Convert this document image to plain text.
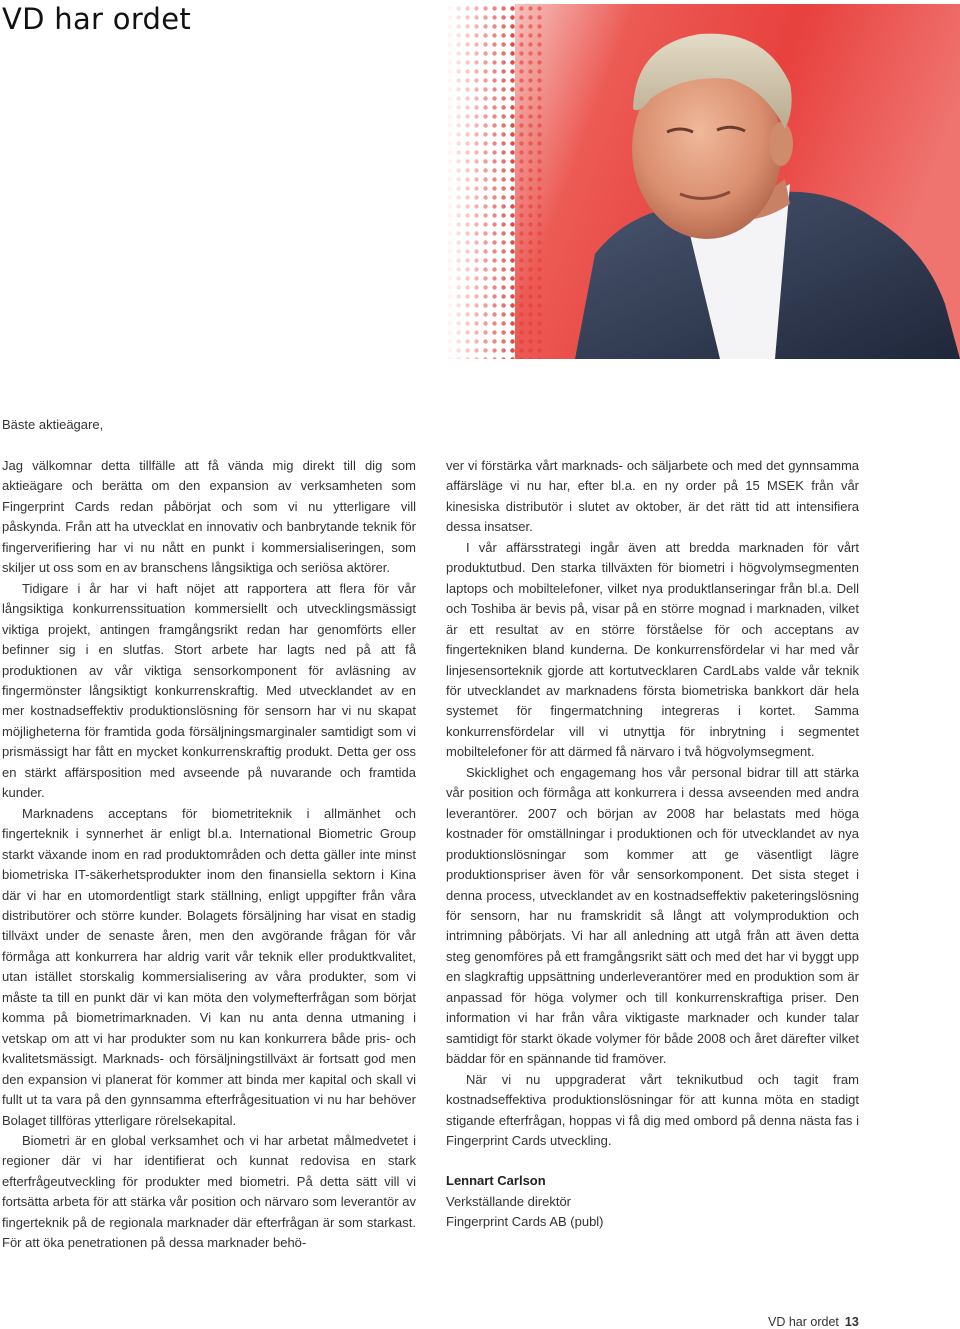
VD har ordet

Bäste aktieägare,

Jag välkomnar detta tillfälle att få vända mig direkt till dig som aktieägare och berätta om den expansion av verksamheten som Fingerprint Cards redan påbörjat och som vi nu ytterligare vill påskynda. Från att ha utvecklat en innovativ och banbrytande teknik för fingerverifiering har vi nu nått en punkt i kommersialiseringen, som skiljer ut oss som en av branschens långsiktiga och seriösa aktörer.

Tidigare i år har vi haft nöjet att rapportera att flera för vår långsiktiga konkurrenssituation kommersiellt och utvecklingsmässigt viktiga projekt, antingen framgångsrikt redan har genomförts eller befinner sig i en slutfas. Stort arbete har lagts ned på att få produktionen av vår viktiga sensorkomponent för avläsning av fingermönster långsiktigt konkurrenskraftig. Med utvecklandet av en mer kostnadseffektiv produktionslösning för sensorn har vi nu skapat möjligheterna för framtida goda försäljningsmarginaler samtidigt som vi prismässigt har fått en mycket konkurrenskraftig produkt. Detta ger oss en stärkt affärsposition med avseende på nuvarande och framtida kunder.

Marknadens acceptans för biometriteknik i allmänhet och fingerteknik i synnerhet är enligt bl.a. International Biometric Group starkt växande inom en rad produktområden och detta gäller inte minst biometriska IT-säkerhetsprodukter inom den finansiella sektorn i Kina där vi har en utomordentligt stark ställning, enligt uppgifter från våra distributörer och större kunder. Bolagets försäljning har visat en stadig tillväxt under de senaste åren, men den avgörande frågan för vår förmåga att konkurrera har aldrig varit vår teknik eller produktkvalitet, utan istället storskalig kommersialisering av våra produkter, som vi måste ta till en punkt där vi kan möta den volymefterfrågan som börjat komma på biometrimarknaden. Vi kan nu anta denna utmaning i vetskap om att vi har produkter som nu kan konkurrera både pris- och kvalitetsmässigt. Marknads- och försäljningstillväxt är fortsatt god men den expansion vi planerat för kommer att binda mer kapital och skall vi fullt ut ta vara på den gynnsamma efterfrågesituation vi nu har behöver Bolaget tillföras ytterligare rörelsekapital.

Biometri är en global verksamhet och vi har arbetat målmedvetet i regioner där vi har identifierat och kunnat redovisa en stark efterfrågeutveckling för produkter med biometri. På detta sätt vill vi fortsätta arbeta för att stärka vår position och närvaro som leverantör av fingerteknik på de regionala marknader där efterfrågan är som starkast. För att öka penetrationen på dessa marknader behö-

ver vi förstärka vårt marknads- och säljarbete och med det gynnsamma affärsläge vi nu har, efter bl.a. en ny order på 15 MSEK från vår kinesiska distributör i slutet av oktober, är det rätt tid att intensifiera dessa insatser.

I vår affärsstrategi ingår även att bredda marknaden för vårt produktutbud. Den starka tillväxten för biometri i högvolymsegmenten laptops och mobiltelefoner, vilket nya produktlanseringar från bl.a. Dell och Toshiba är bevis på, visar på en större mognad i marknaden, vilket är ett resultat av en större förståelse för och acceptans av fingertekniken bland kunderna. De konkurrensfördelar vi har med vår linjesensorteknik gjorde att kortutvecklaren CardLabs valde vår teknik för utvecklandet av marknadens första biometriska bankkort där hela systemet för fingermatchning integreras i kortet. Samma konkurrensfördelar vill vi utnyttja för inbrytning i segmentet mobiltelefoner för att därmed få närvaro i två högvolymsegment.

Skicklighet och engagemang hos vår personal bidrar till att stärka vår position och förmåga att konkurrera i dessa avseenden med andra leverantörer. 2007 och början av 2008 har belastats med höga kostnader för omställningar i produktionen och för utvecklandet av nya produktionslösningar som kommer att ge väsentligt lägre produktionspriser även för vår sensorkomponent. Det sista steget i denna process, utvecklandet av en kostnadseffektiv paketeringslösning för sensorn, har nu framskridit så långt att volymproduktion och intrimning påbörjats. Vi har all anledning att utgå från att även detta steg genomföres på ett framgångsrikt sätt och med det har vi byggt upp en slagkraftig uppsättning underleverantörer med en produktion som är anpassad för höga volymer och till konkurrenskraftiga priser. Den information vi har från våra viktigaste marknader och kunder talar samtidigt för starkt ökade volymer för både 2008 och året därefter vilket bäddar för en spännande tid framöver.

När vi nu uppgraderat vårt teknikutbud och tagit fram kostnadseffektiva produktionslösningar för att kunna möta en stadigt stigande efterfrågan, hoppas vi få dig med ombord på denna nästa fas i Fingerprint Cards utveckling.

Lennart Carlson
Verkställande direktör
Fingerprint Cards AB (publ)

VD har ordet 13
